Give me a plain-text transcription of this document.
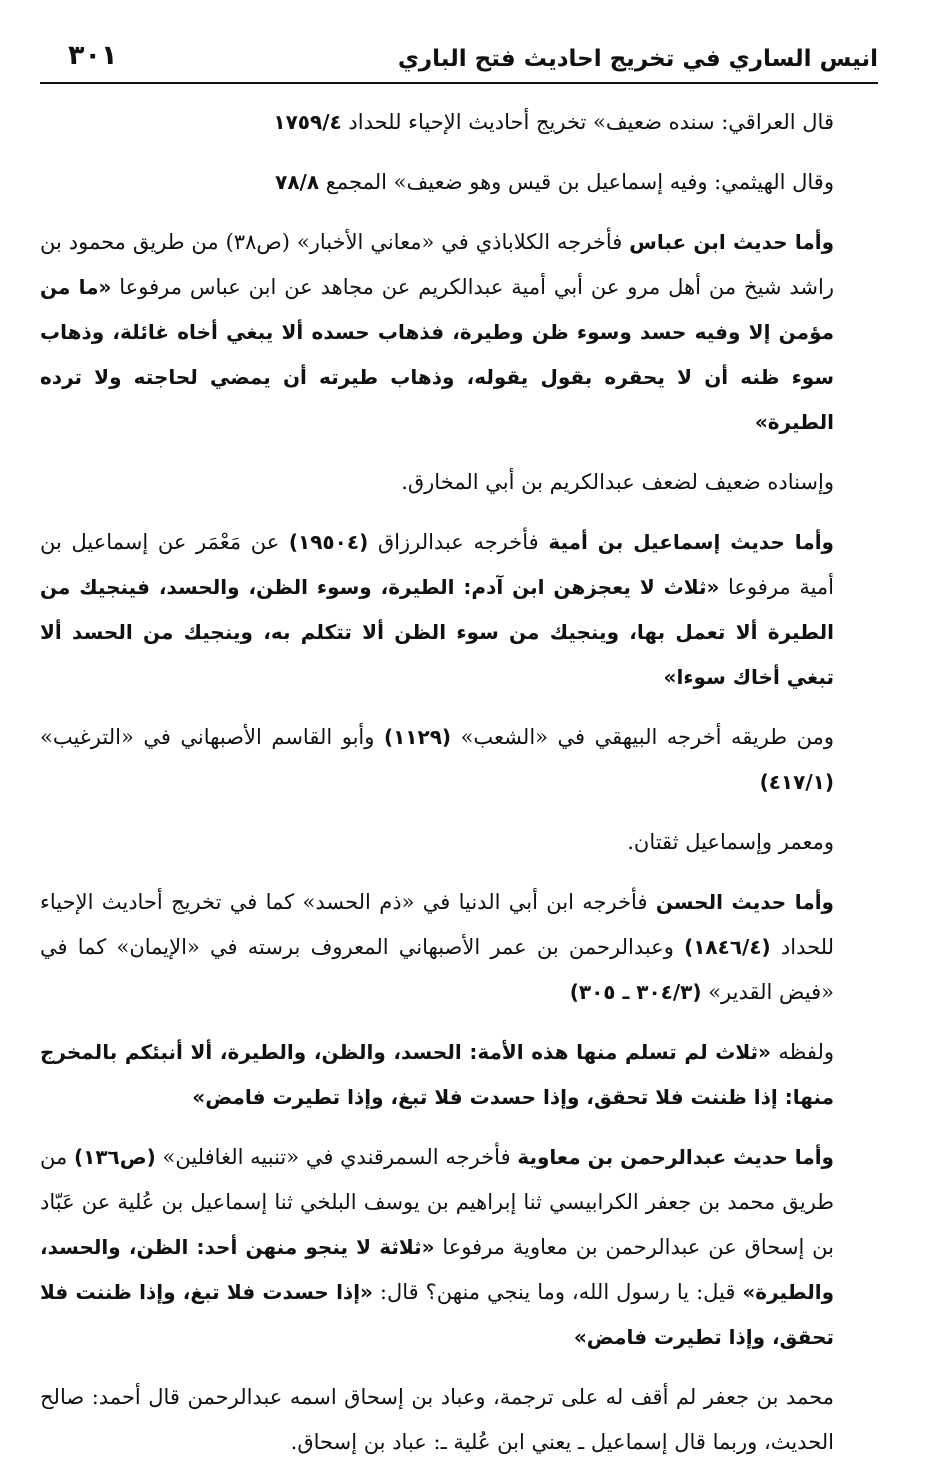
انيس الساري في تخريج احاديث فتح الباري
٣٠١

قال العراقي: سنده ضعيف» تخريج أحاديث الإحياء للحداد ١٧٥٩/٤

وقال الهيثمي: وفيه إسماعيل بن قيس وهو ضعيف» المجمع ٧٨/٨

وأما حديث ابن عباس فأخرجه الكلاباذي في «معاني الأخبار» (ص٣٨) من طريق محمود بن راشد شيخ من أهل مرو عن أبي أمية عبدالكريم عن مجاهد عن ابن عباس مرفوعا «ما من مؤمن إلا وفيه حسد وسوء ظن وطيرة، فذهاب حسده ألا يبغي أخاه غائلة، وذهاب سوء ظنه أن لا يحقره بقول يقوله، وذهاب طيرته أن يمضي لحاجته ولا ترده الطيرة»

وإسناده ضعيف لضعف عبدالكريم بن أبي المخارق.

وأما حديث إسماعيل بن أمية فأخرجه عبدالرزاق (١٩٥٠٤) عن مَعْمَر عن إسماعيل بن أمية مرفوعا «ثلاث لا يعجزهن ابن آدم: الطيرة، وسوء الظن، والحسد، فينجيك من الطيرة ألا تعمل بها، وينجيك من سوء الظن ألا تتكلم به، وينجيك من الحسد ألا تبغي أخاك سوءا»

ومن طريقه أخرجه البيهقي في «الشعب» (١١٢٩) وأبو القاسم الأصبهاني في «الترغيب» (٤١٧/١)

ومعمر وإسماعيل ثقتان.

وأما حديث الحسن فأخرجه ابن أبي الدنيا في «ذم الحسد» كما في تخريج أحاديث الإحياء للحداد (١٨٤٦/٤) وعبدالرحمن بن عمر الأصبهاني المعروف برسته في «الإيمان» كما في «فيض القدير» (٣٠٤/٣ ـ ٣٠٥)

ولفظه «ثلاث لم تسلم منها هذه الأمة: الحسد، والظن، والطيرة، ألا أنبئكم بالمخرج منها: إذا ظننت فلا تحقق، وإذا حسدت فلا تبغ، وإذا تطيرت فامض»

وأما حديث عبدالرحمن بن معاوية فأخرجه السمرقندي في «تنبيه الغافلين» (ص١٣٦) من طريق محمد بن جعفر الكرابيسي ثنا إبراهيم بن يوسف البلخي ثنا إسماعيل بن عُلية عن عَبّاد بن إسحاق عن عبدالرحمن بن معاوية مرفوعا «ثلاثة لا ينجو منهن أحد: الظن، والحسد، والطيرة» قيل: يا رسول الله، وما ينجي منهن؟ قال: «إذا حسدت فلا تبغ، وإذا ظننت فلا تحقق، وإذا تطيرت فامض»

محمد بن جعفر لم أقف له على ترجمة، وعباد بن إسحاق اسمه عبدالرحمن قال أحمد: صالح الحديث، وربما قال إسماعيل ـ يعني ابن عُلية ـ: عباد بن إسحاق.
